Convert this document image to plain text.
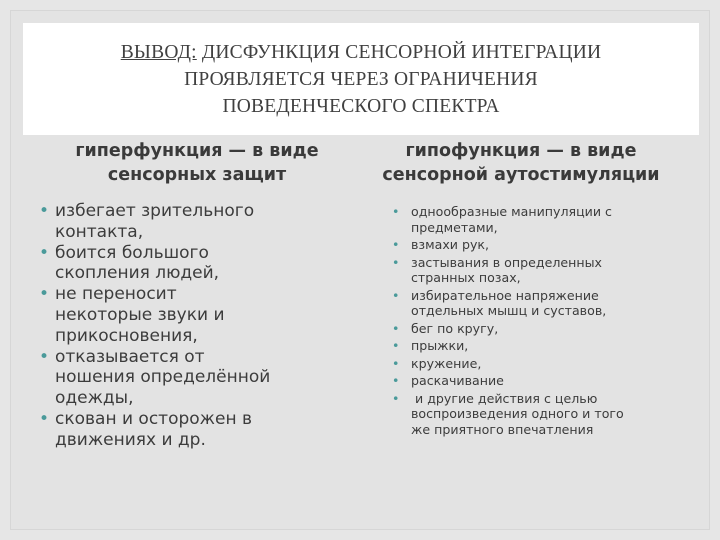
ВЫВОД: ДИСФУНКЦИЯ СЕНСОРНОЙ ИНТЕГРАЦИИ
ПРОЯВЛЯЕТСЯ ЧЕРЕЗ ОГРАНИЧЕНИЯ
ПОВЕДЕНЧЕСКОГО СПЕКТРА
гиперфункция — в виде
сенсорных защит
гипофункция — в виде
сенсорной аутостимуляции
• избегает зрительного
контакта,
• боится большого
скопления людей,
• не переносит
некоторые звуки и
прикосновения,
• отказывается от
ношения определённой
одежды,
• скован и осторожен в
движениях и др.
• однообразные манипуляции с
предметами,
• взмахи рук,
• застывания в определенных
странных позах,
• избирательное напряжение
отдельных мышц и суставов,
• бег по кругу,
• прыжки,
• кружение,
• раскачивание
• и другие действия с целью
воспроизведения одного и того
же приятного впечатления
